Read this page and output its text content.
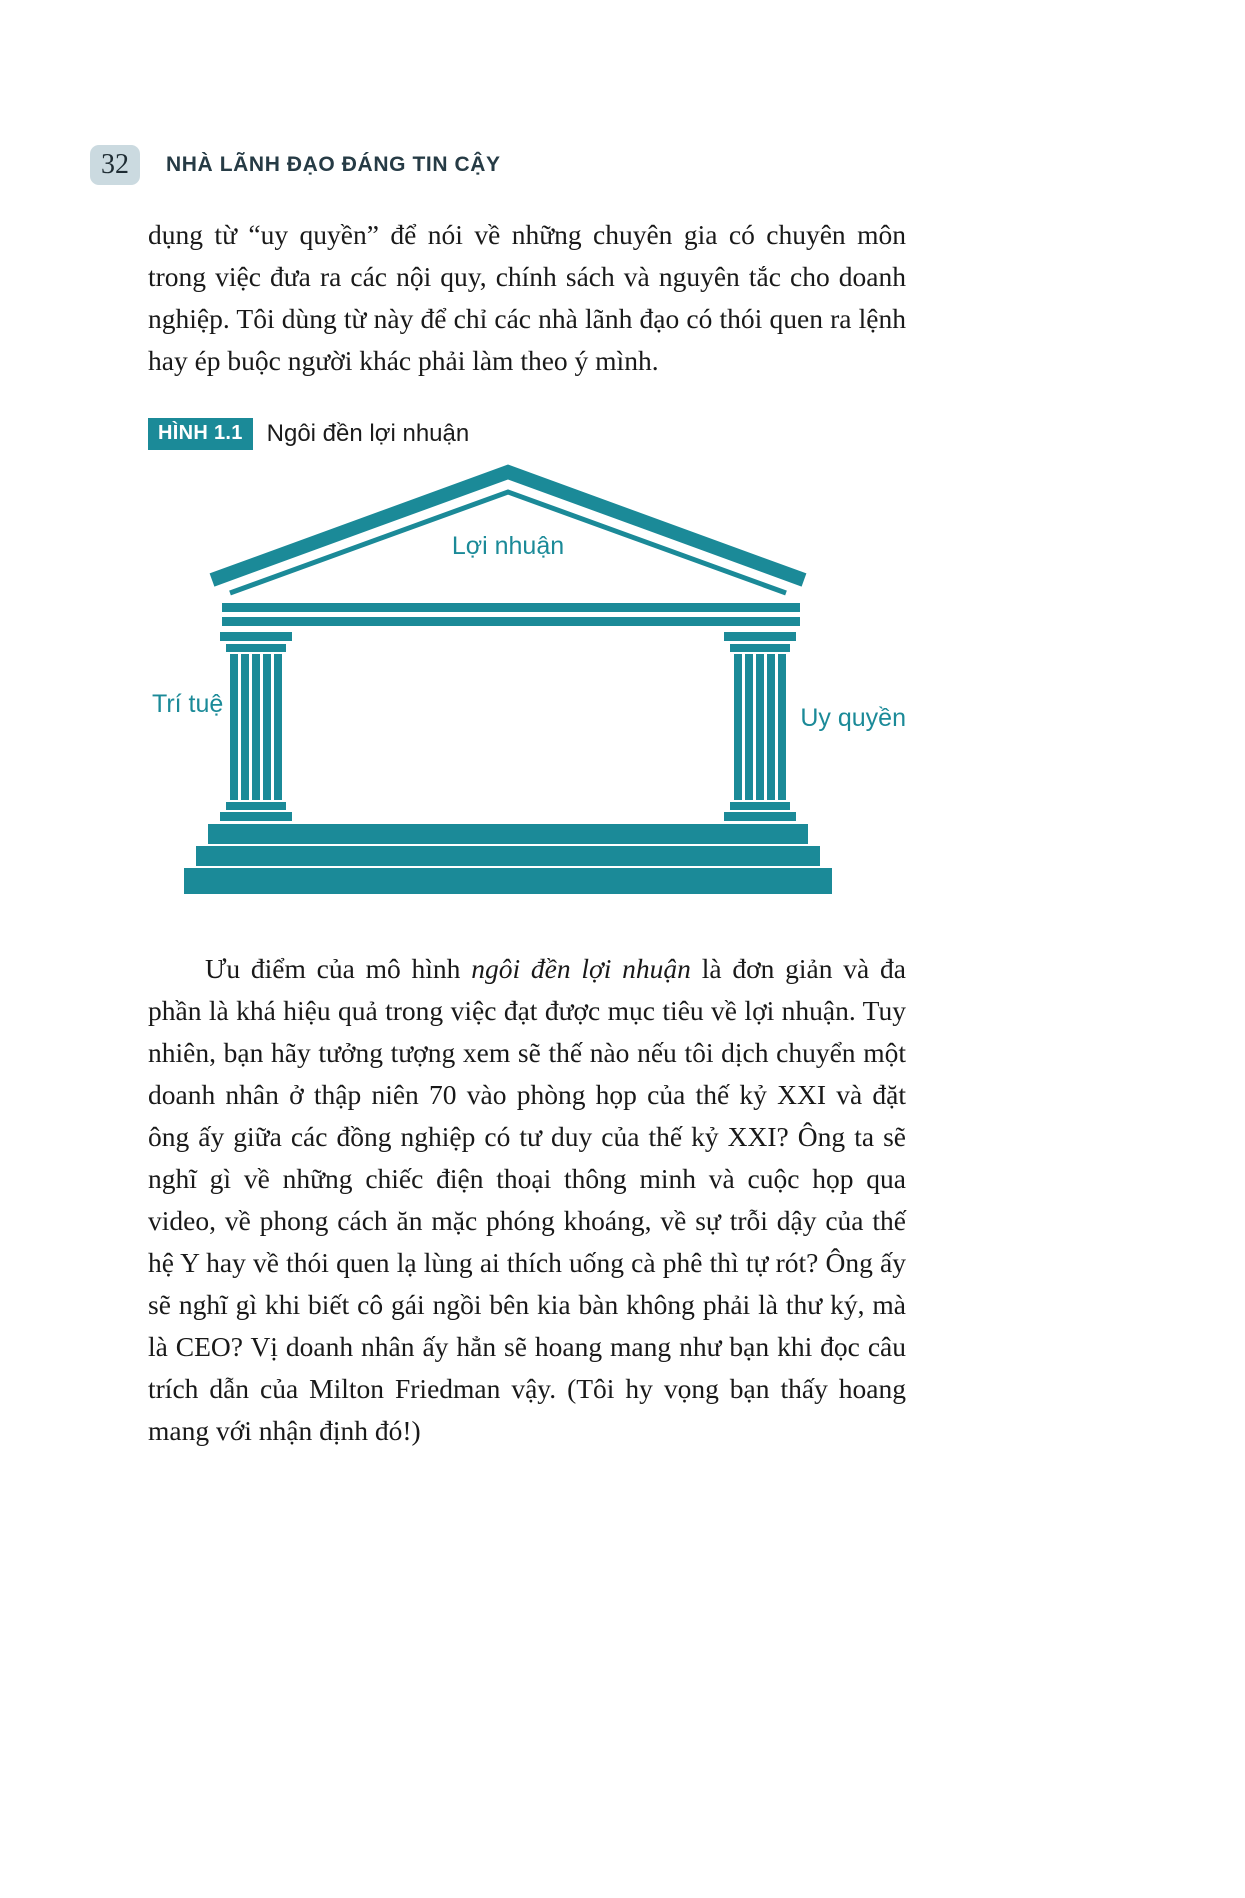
32	NHÀ LÃNH ĐẠO ĐÁNG TIN CẬY

dụng từ “uy quyền” để nói về những chuyên gia có chuyên môn trong việc đưa ra các nội quy, chính sách và nguyên tắc cho doanh nghiệp. Tôi dùng từ này để chỉ các nhà lãnh đạo có thói quen ra lệnh hay ép buộc người khác phải làm theo ý mình.

HÌNH 1.1	Ngôi đền lợi nhuận
Lợi nhuận
Trí tuệ	Uy quyền

Ưu điểm của mô hình ngôi đền lợi nhuận là đơn giản và đa phần là khá hiệu quả trong việc đạt được mục tiêu về lợi nhuận. Tuy nhiên, bạn hãy tưởng tượng xem sẽ thế nào nếu tôi dịch chuyển một doanh nhân ở thập niên 70 vào phòng họp của thế kỷ XXI và đặt ông ấy giữa các đồng nghiệp có tư duy của thế kỷ XXI? Ông ta sẽ nghĩ gì về những chiếc điện thoại thông minh và cuộc họp qua video, về phong cách ăn mặc phóng khoáng, về sự trỗi dậy của thế hệ Y hay về thói quen lạ lùng ai thích uống cà phê thì tự rót? Ông ấy sẽ nghĩ gì khi biết cô gái ngồi bên kia bàn không phải là thư ký, mà là CEO? Vị doanh nhân ấy hẳn sẽ hoang mang như bạn khi đọc câu trích dẫn của Milton Friedman vậy. (Tôi hy vọng bạn thấy hoang mang với nhận định đó!)
